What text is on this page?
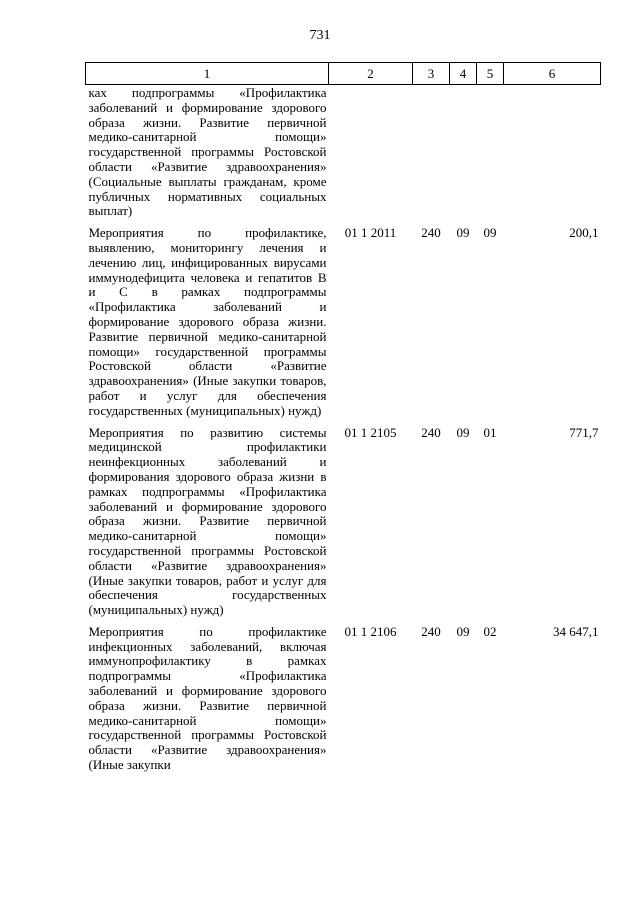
731
1	2	3	4	5	6
ках подпрограммы «Профилактика заболеваний и формирование здорового образа жизни. Развитие первичной медико-санитарной помощи» государственной программы Ростовской области «Развитие здравоохранения» (Социальные выплаты гражданам, кроме публичных нормативных социальных выплат)					
Мероприятия по профилактике, выявлению, мониторингу лечения и лечению лиц, инфицированных вирусами иммунодефицита человека и гепатитов В и С в рамках подпрограммы «Профилактика заболеваний и формирование здорового образа жизни. Развитие первичной медико-санитарной помощи» государственной программы Ростовской области «Развитие здравоохранения» (Иные закупки товаров, работ и услуг для обеспечения государственных (муниципальных) нужд)	01 1 2011	240	09	09	200,1
Мероприятия по развитию системы медицинской профилактики неинфекционных заболеваний и формирования здорового образа жизни в рамках подпрограммы «Профилактика заболеваний и формирование здорового образа жизни. Развитие первичной медико-санитарной помощи» государственной программы Ростовской области «Развитие здравоохранения» (Иные закупки товаров, работ и услуг для обеспечения государственных (муниципальных) нужд)	01 1 2105	240	09	01	771,7
Мероприятия по профилактике инфекционных заболеваний, включая иммунопрофилактику в рамках подпрограммы «Профилактика заболеваний и формирование здорового образа жизни. Развитие первичной медико-санитарной помощи» государственной программы Ростовской области «Развитие здравоохранения» (Иные закупки	01 1 2106	240	09	02	34 647,1
